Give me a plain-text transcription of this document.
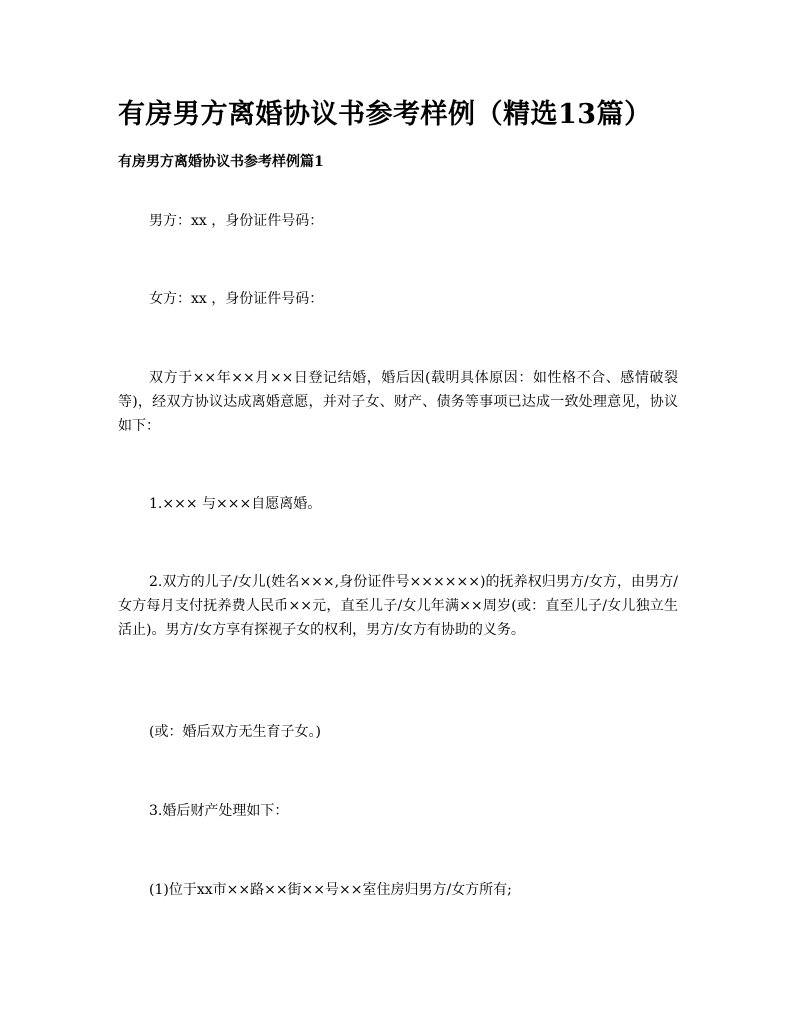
有房男方离婚协议书参考样例（精选13篇）
有房男方离婚协议书参考样例篇1

男方：xx ，身份证件号码：

女方：xx ，身份证件号码：

双方于××年××月××日登记结婚，婚后因(载明具体原因：如性格不合、感情破裂等)，经双方协议达成离婚意愿，并对子女、财产、债务等事项已达成一致处理意见，协议如下：

1.××× 与×××自愿离婚。

2.双方的儿子/女儿(姓名×××,身份证件号××××××)的抚养权归男方/女方，由男方/女方每月支付抚养费人民币××元，直至儿子/女儿年满××周岁(或：直至儿子/女儿独立生活止)。男方/女方享有探视子女的权利，男方/女方有协助的义务。

(或：婚后双方无生育子女。)

3.婚后财产处理如下：

(1)位于xx市××路××街××号××室住房归男方/女方所有;
